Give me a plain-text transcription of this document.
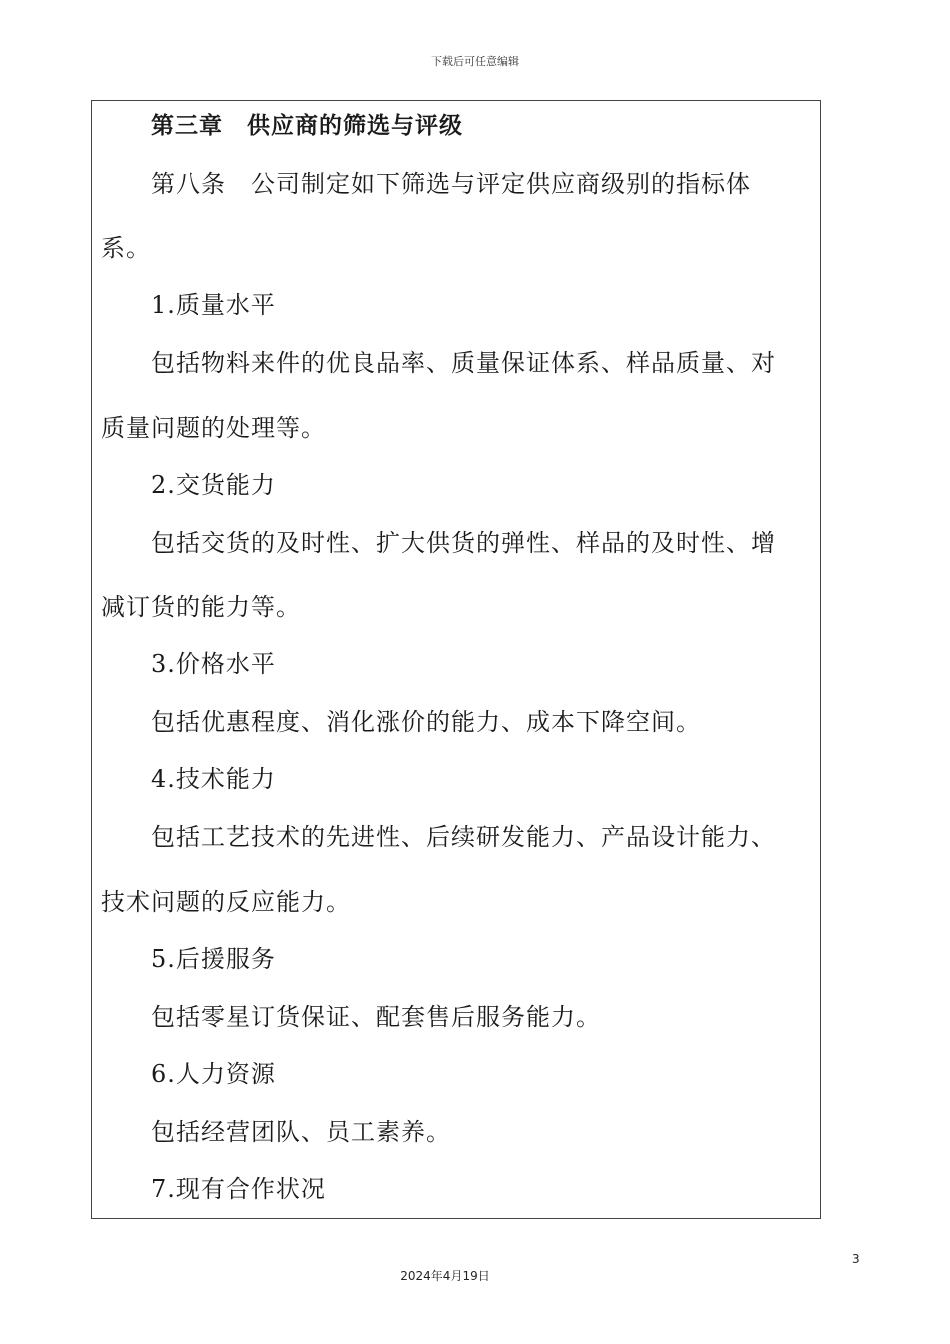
下载后可任意编辑
第三章　供应商的筛选与评级
第八条　公司制定如下筛选与评定供应商级别的指标体
系。
1.质量水平
包括物料来件的优良品率、质量保证体系、样品质量、对
质量问题的处理等。
2.交货能力
包括交货的及时性、扩大供货的弹性、样品的及时性、增
减订货的能力等。
3.价格水平
包括优惠程度、消化涨价的能力、成本下降空间。
4.技术能力
包括工艺技术的先进性、后续研发能力、产品设计能力、
技术问题的反应能力。
5.后援服务
包括零星订货保证、配套售后服务能力。
6.人力资源
包括经营团队、员工素养。
7.现有合作状况
3
2024年4月19日
